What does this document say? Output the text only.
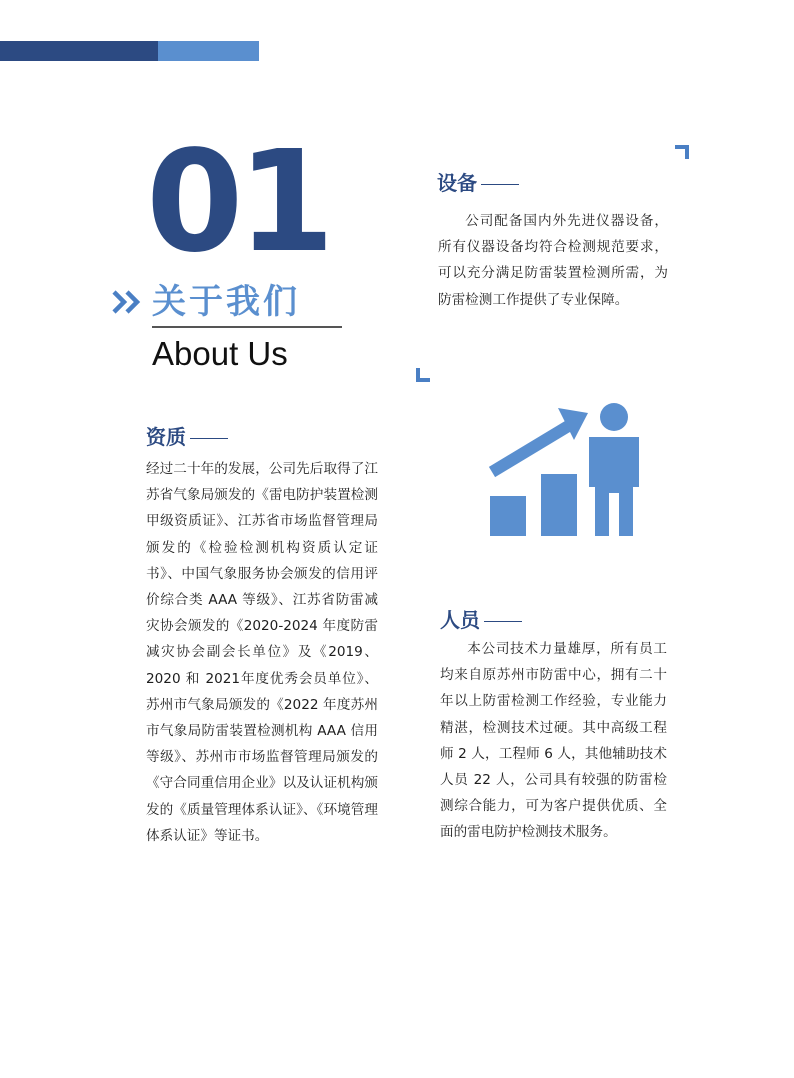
01
关于我们
About Us
资质

经过二十年的发展，公司先后取得了江苏省气象局颁发的《雷电防护装置检测甲级资质证》、江苏省市场监督管理局颁发的《检验检测机构资质认定证书》、中国气象服务协会颁发的信用评价综合类 AAA 等级》、江苏省防雷减灾协会颁发的《2020-2024 年度防雷减灾协会副会长单位》及《2019、2020 和 2021年度优秀会员单位》、苏州市气象局颁发的《2022 年度苏州市气象局防雷装置检测机构 AAA 信用等级》、苏州市市场监督管理局颁发的《守合同重信用企业》以及认证机构颁发的《质量管理体系认证》、《环境管理体系认证》等证书。

设备

公司配备国内外先进仪器设备，所有仪器设备均符合检测规范要求，可以充分满足防雷装置检测所需，为防雷检测工作提供了专业保障。

人员

本公司技术力量雄厚，所有员工均来自原苏州市防雷中心，拥有二十年以上防雷检测工作经验，专业能力精湛，检测技术过硬。其中高级工程师 2 人，工程师 6 人，其他辅助技术人员 22 人，公司具有较强的防雷检测综合能力，可为客户提供优质、全面的雷电防护检测技术服务。
